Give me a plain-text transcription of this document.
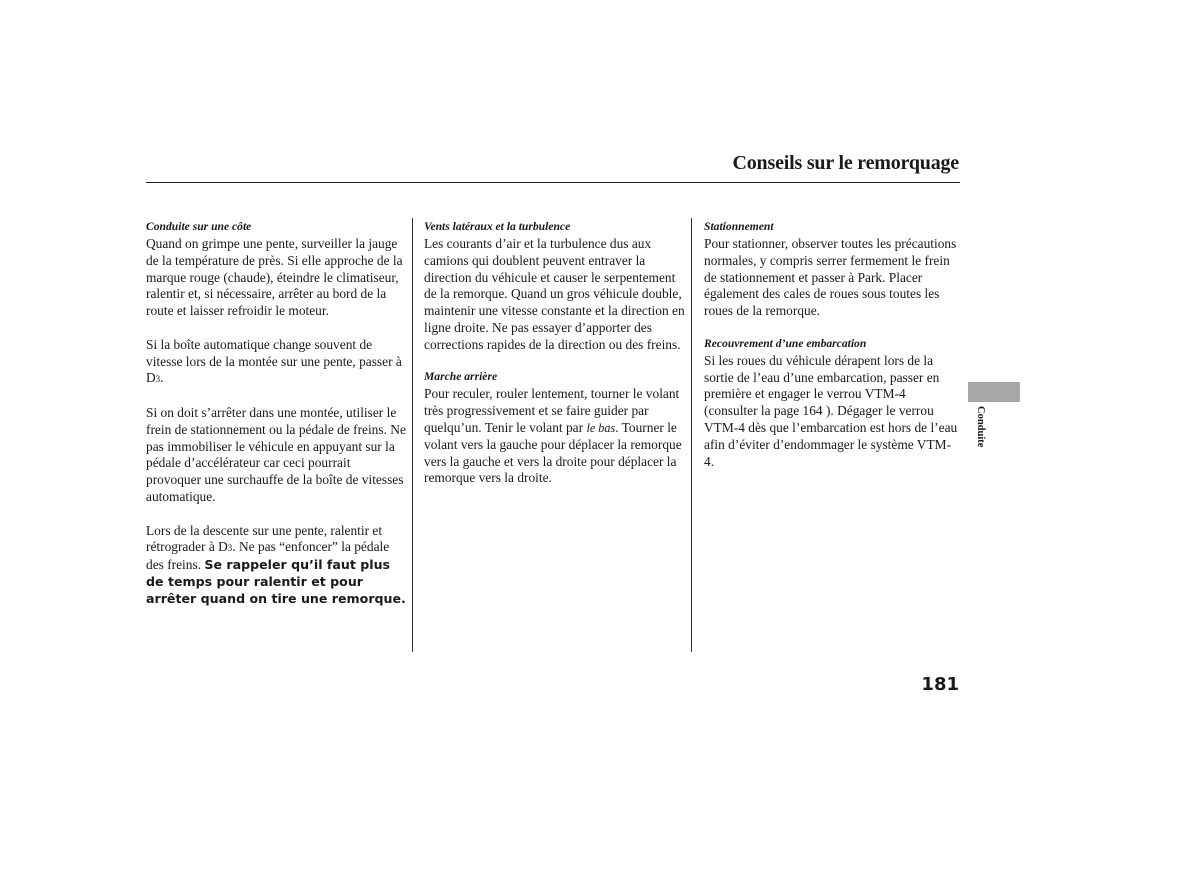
Conseils sur le remorquage
Conduite sur une côte

Quand on grimpe une pente, surveiller la jauge de la température de près. Si elle approche de la marque rouge (chaude), éteindre le climatiseur, ralentir et, si nécessaire, arrêter au bord de la route et laisser refroidir le moteur.

Si la boîte automatique change souvent de vitesse lors de la montée sur une pente, passer à D3.

Si on doit s’arrêter dans une montée, utiliser le frein de stationnement ou la pédale de freins. Ne pas immobiliser le véhicule en appuyant sur la pédale d’accélérateur car ceci pourrait provoquer une surchauffe de la boîte de vitesses automatique.

Lors de la descente sur une pente, ralentir et rétrograder à D3. Ne pas “enfoncer” la pédale des freins. Se rappeler qu’il faut plus de temps pour ralentir et pour arrêter quand on tire une remorque.

Vents latéraux et la turbulence

Les courants d’air et la turbulence dus aux camions qui doublent peuvent entraver la direction du véhicule et causer le serpentement de la remorque. Quand un gros véhicule double, maintenir une vitesse constante et la direction en ligne droite. Ne pas essayer d’apporter des corrections rapides de la direction ou des freins.

Marche arrière

Pour reculer, rouler lentement, tourner le volant très progressivement et se faire guider par quelqu’un. Tenir le volant par le bas. Tourner le volant vers la gauche pour déplacer la remorque vers la gauche et vers la droite pour déplacer la remorque vers la droite.

Stationnement

Pour stationner, observer toutes les précautions normales, y compris serrer fermement le frein de stationnement et passer à Park. Placer également des cales de roues sous toutes les roues de la remorque.

Recouvrement d’une embarcation

Si les roues du véhicule dérapent lors de la sortie de l’eau d’une embarcation, passer en première et engager le verrou VTM-4 (consulter la page 164 ). Dégager le verrou VTM-4 dès que l’embarcation est hors de l’eau afin d’éviter d’endommager le système VTM-4.

Conduite
181
